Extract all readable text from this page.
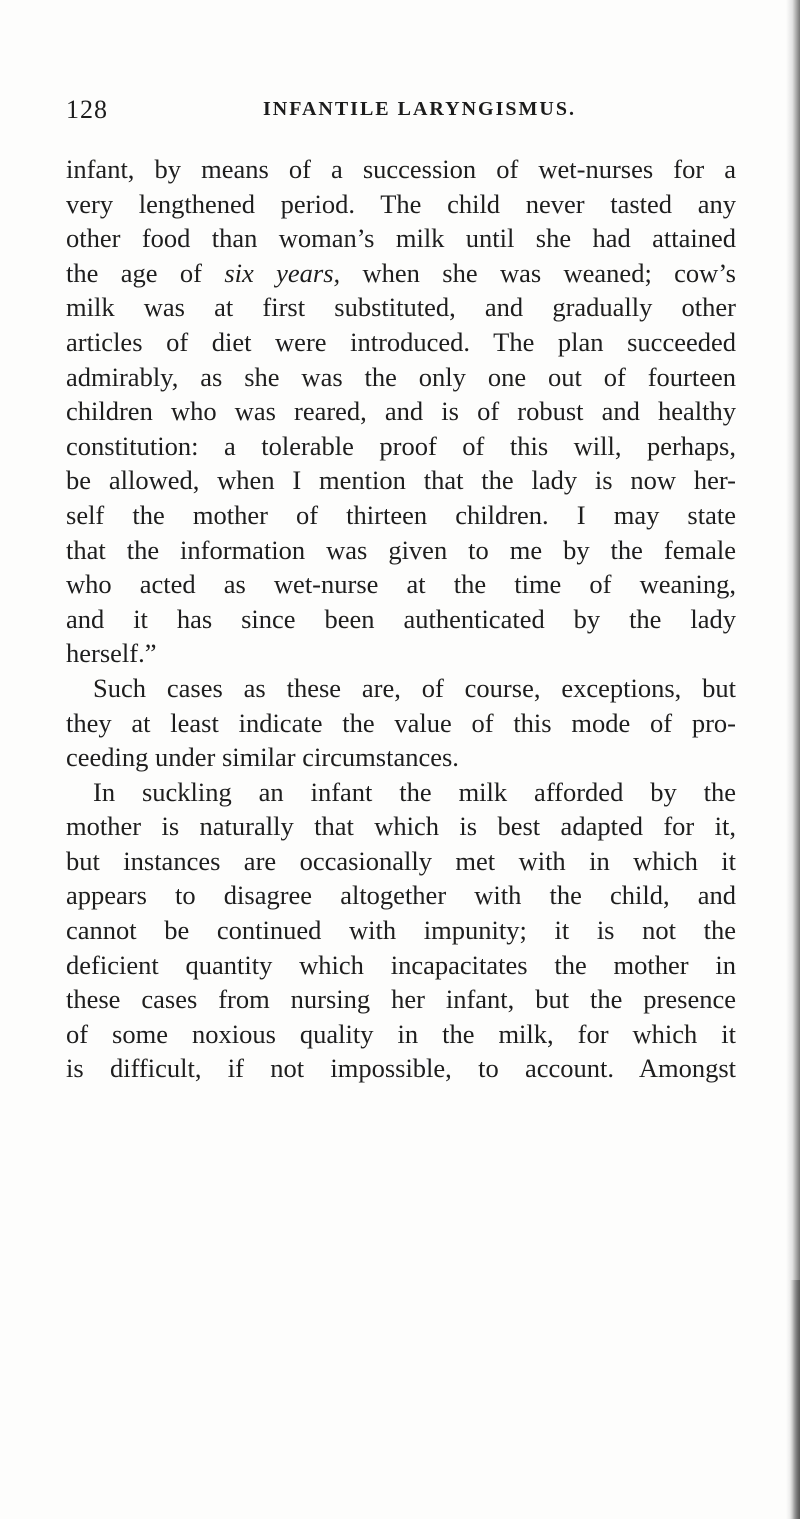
128	INFANTILE LARYNGISMUS.
infant, by means of a succession of wet-nurses for a
very lengthened period. The child never tasted any
other food than woman’s milk until she had attained
the age of six years, when she was weaned; cow’s
milk was at first substituted, and gradually other
articles of diet were introduced. The plan succeeded
admirably, as she was the only one out of fourteen
children who was reared, and is of robust and healthy
constitution: a tolerable proof of this will, perhaps,
be allowed, when I mention that the lady is now her-
self the mother of thirteen children. I may state
that the information was given to me by the female
who acted as wet-nurse at the time of weaning,
and it has since been authenticated by the lady
herself.”
Such cases as these are, of course, exceptions, but
they at least indicate the value of this mode of pro-
ceeding under similar circumstances.
In suckling an infant the milk afforded by the
mother is naturally that which is best adapted for it,
but instances are occasionally met with in which it
appears to disagree altogether with the child, and
cannot be continued with impunity; it is not the
deficient quantity which incapacitates the mother in
these cases from nursing her infant, but the presence
of some noxious quality in the milk, for which it
is difficult, if not impossible, to account. Amongst
